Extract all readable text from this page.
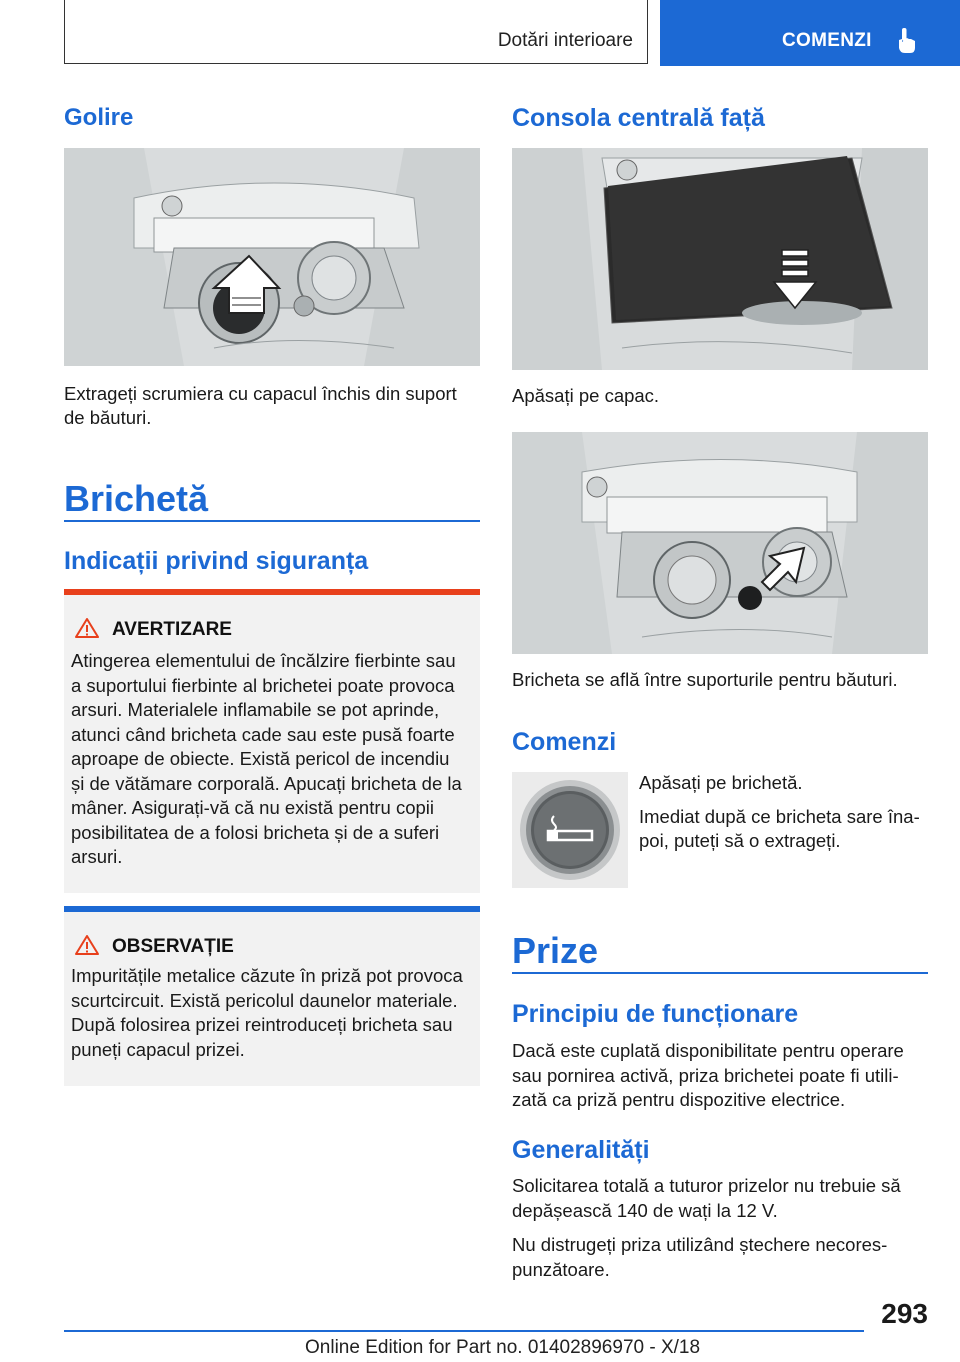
Dotări interioare	COMENZI
Golire
Extrageți scrumiera cu capacul închis din suport
de băuturi.
Brichetă
Indicații privind siguranța
AVERTIZARE
Atingerea elementului de încălzire fierbinte sau
a suportului fierbinte al brichetei poate provoca
arsuri. Materialele inflamabile se pot aprinde,
atunci când bricheta cade sau este pusă foarte
aproape de obiecte. Există pericol de incendiu
și de vătămare corporală. Apucați bricheta de la
mâner. Asigurați-vă că nu există pentru copii
posibilitatea de a folosi bricheta și de a suferi
arsuri.
OBSERVAȚIE
Impuritățile metalice căzute în priză pot provoca
scurtcircuit. Există pericolul daunelor materiale.
După folosirea prizei reintroduceți bricheta sau
puneți capacul prizei.
Consola centrală față
Apăsați pe capac.
Bricheta se află între suporturile pentru băuturi.
Comenzi
Apăsați pe brichetă.
Imediat după ce bricheta sare îna-
poi, puteți să o extrageți.
Prize
Principiu de funcționare
Dacă este cuplată disponibilitate pentru operare
sau pornirea activă, priza brichetei poate fi utili-
zată ca priză pentru dispozitive electrice.
Generalități
Solicitarea totală a tuturor prizelor nu trebuie să
depășească 140 de wați la 12 V.
Nu distrugeți priza utilizând ștechere necores-
punzătoare.
293
Online Edition for Part no. 01402896970 - X/18
